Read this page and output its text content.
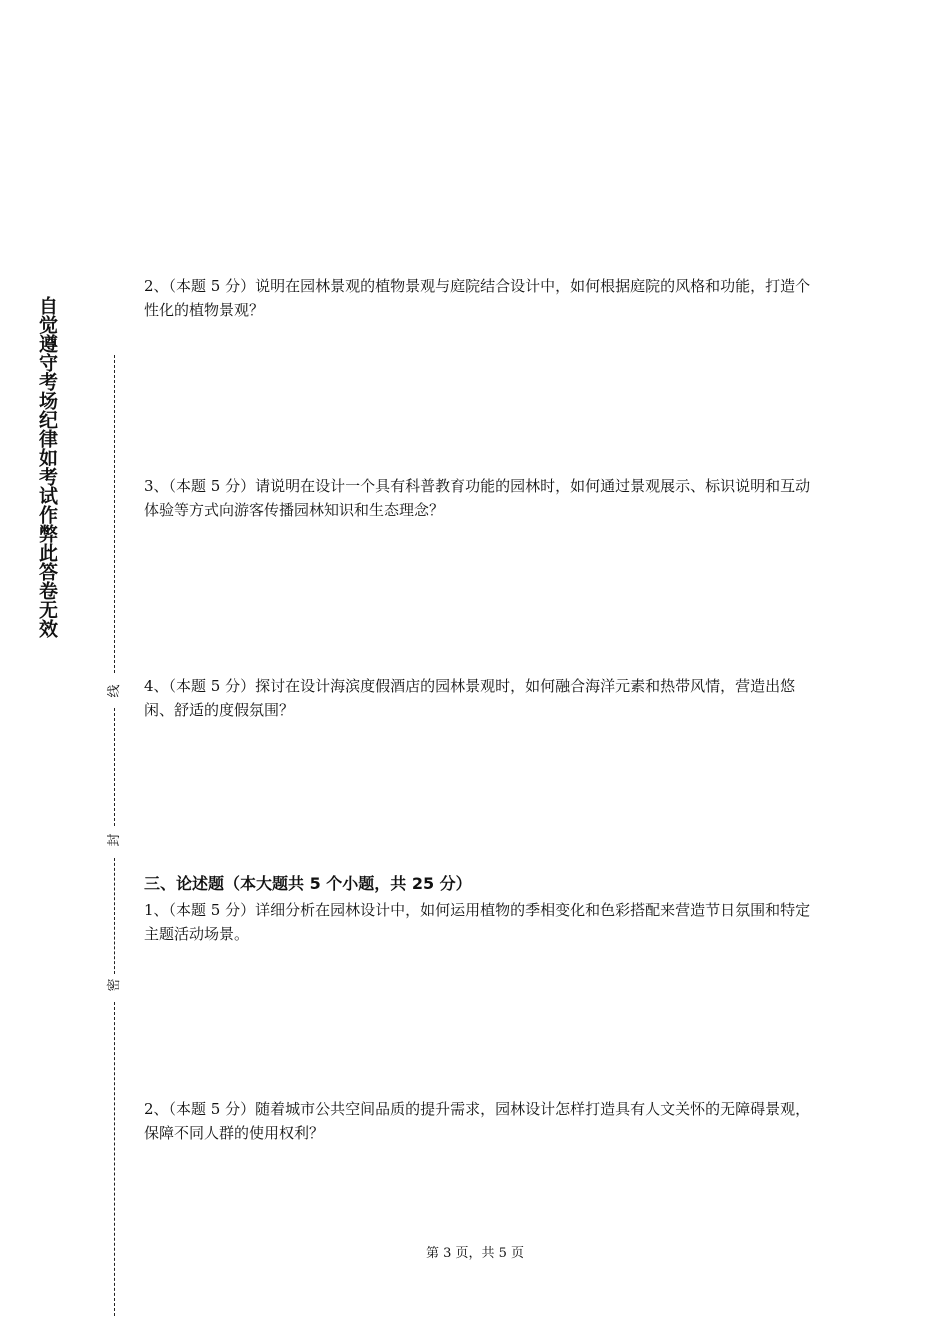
自觉遵守考场纪律如考试作弊此答卷无效
线
封
密

2、（本题 5 分）说明在园林景观的植物景观与庭院结合设计中，如何根据庭院的风格和功能，打造个性化的植物景观？

3、（本题 5 分）请说明在设计一个具有科普教育功能的园林时，如何通过景观展示、标识说明和互动体验等方式向游客传播园林知识和生态理念？

4、（本题 5 分）探讨在设计海滨度假酒店的园林景观时，如何融合海洋元素和热带风情，营造出悠闲、舒适的度假氛围？

三、论述题（本大题共 5 个小题，共 25 分）

1、（本题 5 分）详细分析在园林设计中，如何运用植物的季相变化和色彩搭配来营造节日氛围和特定主题活动场景。

2、（本题 5 分）随着城市公共空间品质的提升需求，园林设计怎样打造具有人文关怀的无障碍景观，保障不同人群的使用权利？

第 3 页，共 5 页
